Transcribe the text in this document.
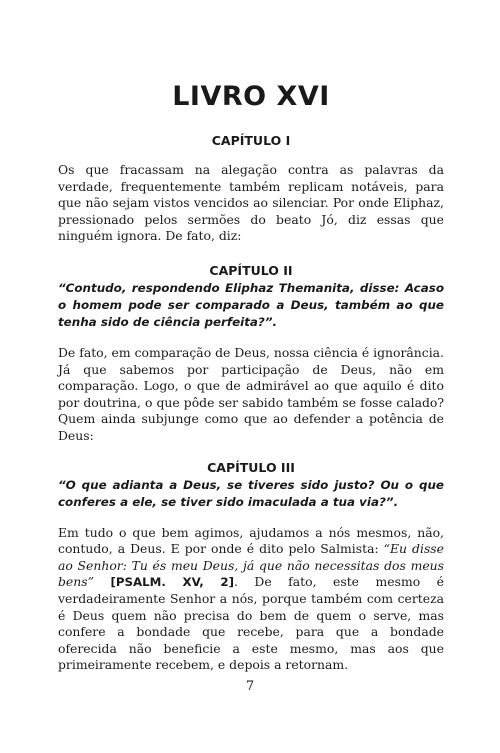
LIVRO XVI
CAPÍTULO I

Os que fracassam na alegação contra as palavras da verdade, frequentemente também replicam notáveis, para que não sejam vistos vencidos ao silenciar. Por onde Eliphaz, pressionado pelos sermões do beato Jó, diz essas que ninguém ignora. De fato, diz:

CAPÍTULO II

“Contudo, respondendo Eliphaz Themanita, disse: Acaso o homem pode ser comparado a Deus, também ao que tenha sido de ciência perfeita?”.

De fato, em comparação de Deus, nossa ciência é ignorância. Já que sabemos por participação de Deus, não em comparação. Logo, o que de admirável ao que aquilo é dito por doutrina, o que pôde ser sabido também se fosse calado? Quem ainda subjunge como que ao defender a potência de Deus:

CAPÍTULO III

“O que adianta a Deus, se tiveres sido justo? Ou o que conferes a ele, se tiver sido imaculada a tua via?”.

Em tudo o que bem agimos, ajudamos a nós mesmos, não, contudo, a Deus. E por onde é dito pelo Salmista: “Eu disse ao Senhor: Tu és meu Deus, já que não necessitas dos meus bens” [PSALM. XV, 2]. De fato, este mesmo é verdadeiramente Senhor a nós, porque também com certeza é Deus quem não precisa do bem de quem o serve, mas confere a bondade que recebe, para que a bondade oferecida não beneficie a este mesmo, mas aos que primeiramente recebem, e depois a retornam.

7
